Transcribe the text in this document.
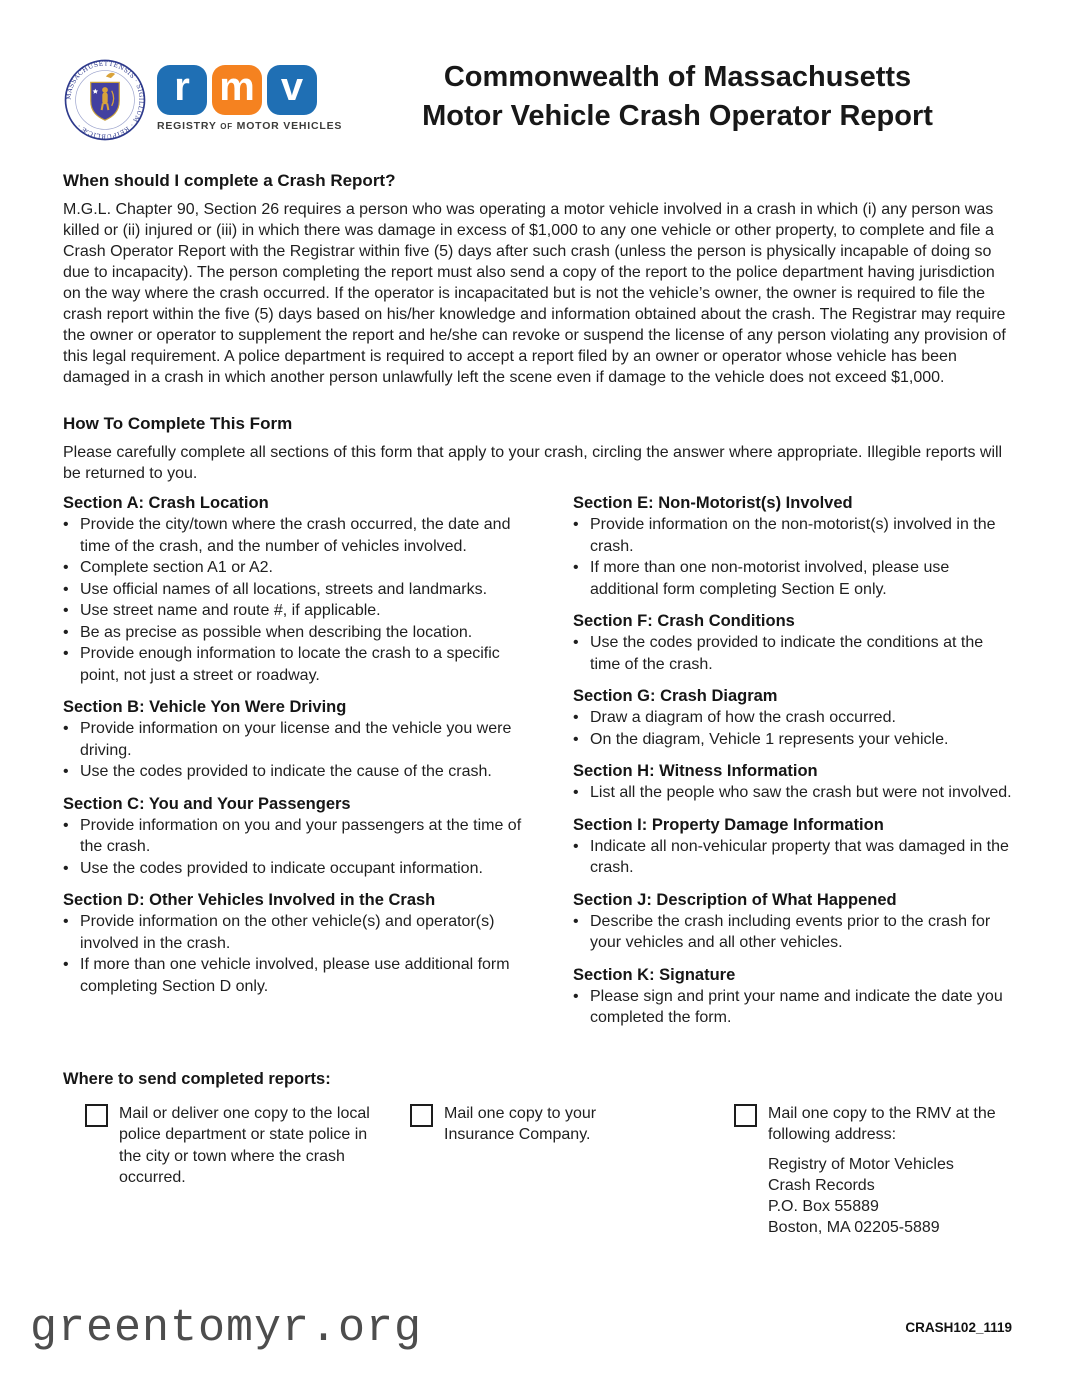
MASSACHUSETTENSIS · SIGILLUM · REIPUBLICÆ ·
r m v
REGISTRY OF MOTOR VEHICLES
Commonwealth of Massachusetts
Motor Vehicle Crash Operator Report
When should I complete a Crash Report?
M.G.L. Chapter 90, Section 26 requires a person who was operating a motor vehicle involved in a crash in which (i) any person was killed or (ii) injured or (iii) in which there was damage in excess of $1,000 to any one vehicle or other property, to complete and file a Crash Operator Report with the Registrar within five (5) days after such crash (unless the person is physically incapable of doing so due to incapacity). The person completing the report must also send a copy of the report to the police department having jurisdiction on the way where the crash occurred. If the operator is incapacitated but is not the vehicle’s owner, the owner is required to file the crash report within the five (5) days based on his/her knowledge and information obtained about the crash. The Registrar may require the owner or operator to supplement the report and he/she can revoke or suspend the license of any person violating any provision of this legal requirement. A police department is required to accept a report filed by an owner or operator whose vehicle has been damaged in a crash in which another person unlawfully left the scene even if damage to the vehicle does not exceed $1,000.
How To Complete This Form
Please carefully complete all sections of this form that apply to your crash, circling the answer where appropriate. Illegible reports will be returned to you.
Section A: Crash Location
•
Provide the city/town where the crash occurred, the date and time of the crash, and the number of vehicles involved.
•
Complete section A1 or A2.
•
Use official names of all locations, streets and landmarks.
•
Use street name and route #, if applicable.
•
Be as precise as possible when describing the location.
•
Provide enough information to locate the crash to a specific point, not just a street or roadway.
Section B: Vehicle Yon Were Driving
•
Provide information on your license and the vehicle you were driving.
•
Use the codes provided to indicate the cause of the crash.
Section C: You and Your Passengers
•
Provide information on you and your passengers at the time of the crash.
•
Use the codes provided to indicate occupant information.
Section D: Other Vehicles Involved in the Crash
•
Provide information on the other vehicle(s) and operator(s) involved in the crash.
•
If more than one vehicle involved, please use additional form completing Section D only.
Section E: Non-Motorist(s) Involved
•
Provide information on the non-motorist(s) involved in the crash.
•
If more than one non-motorist involved, please use additional form completing Section E only.
Section F: Crash Conditions
•
Use the codes provided to indicate the conditions at the time of the crash.
Section G: Crash Diagram
•
Draw a diagram of how the crash occurred.
•
On the diagram, Vehicle 1 represents your vehicle.
Section H: Witness Information
•
List all the people who saw the crash but were not involved.
Section I: Property Damage Information
•
Indicate all non-vehicular property that was damaged in the crash.
Section J: Description of What Happened
•
Describe the crash including events prior to the crash for your vehicles and all other vehicles.
Section K: Signature
•
Please sign and print your name and indicate the date you completed the form.
Where to send completed reports:
Mail or deliver one copy to the local police department or state police in the city or town where the crash occurred.
Mail one copy to your Insurance Company.
Mail one copy to the RMV at the following address:
Registry of Motor Vehicles
Crash Records
P.O. Box 55889
Boston, MA 02205-5889
greentomyr.org	CRASH102_1119
